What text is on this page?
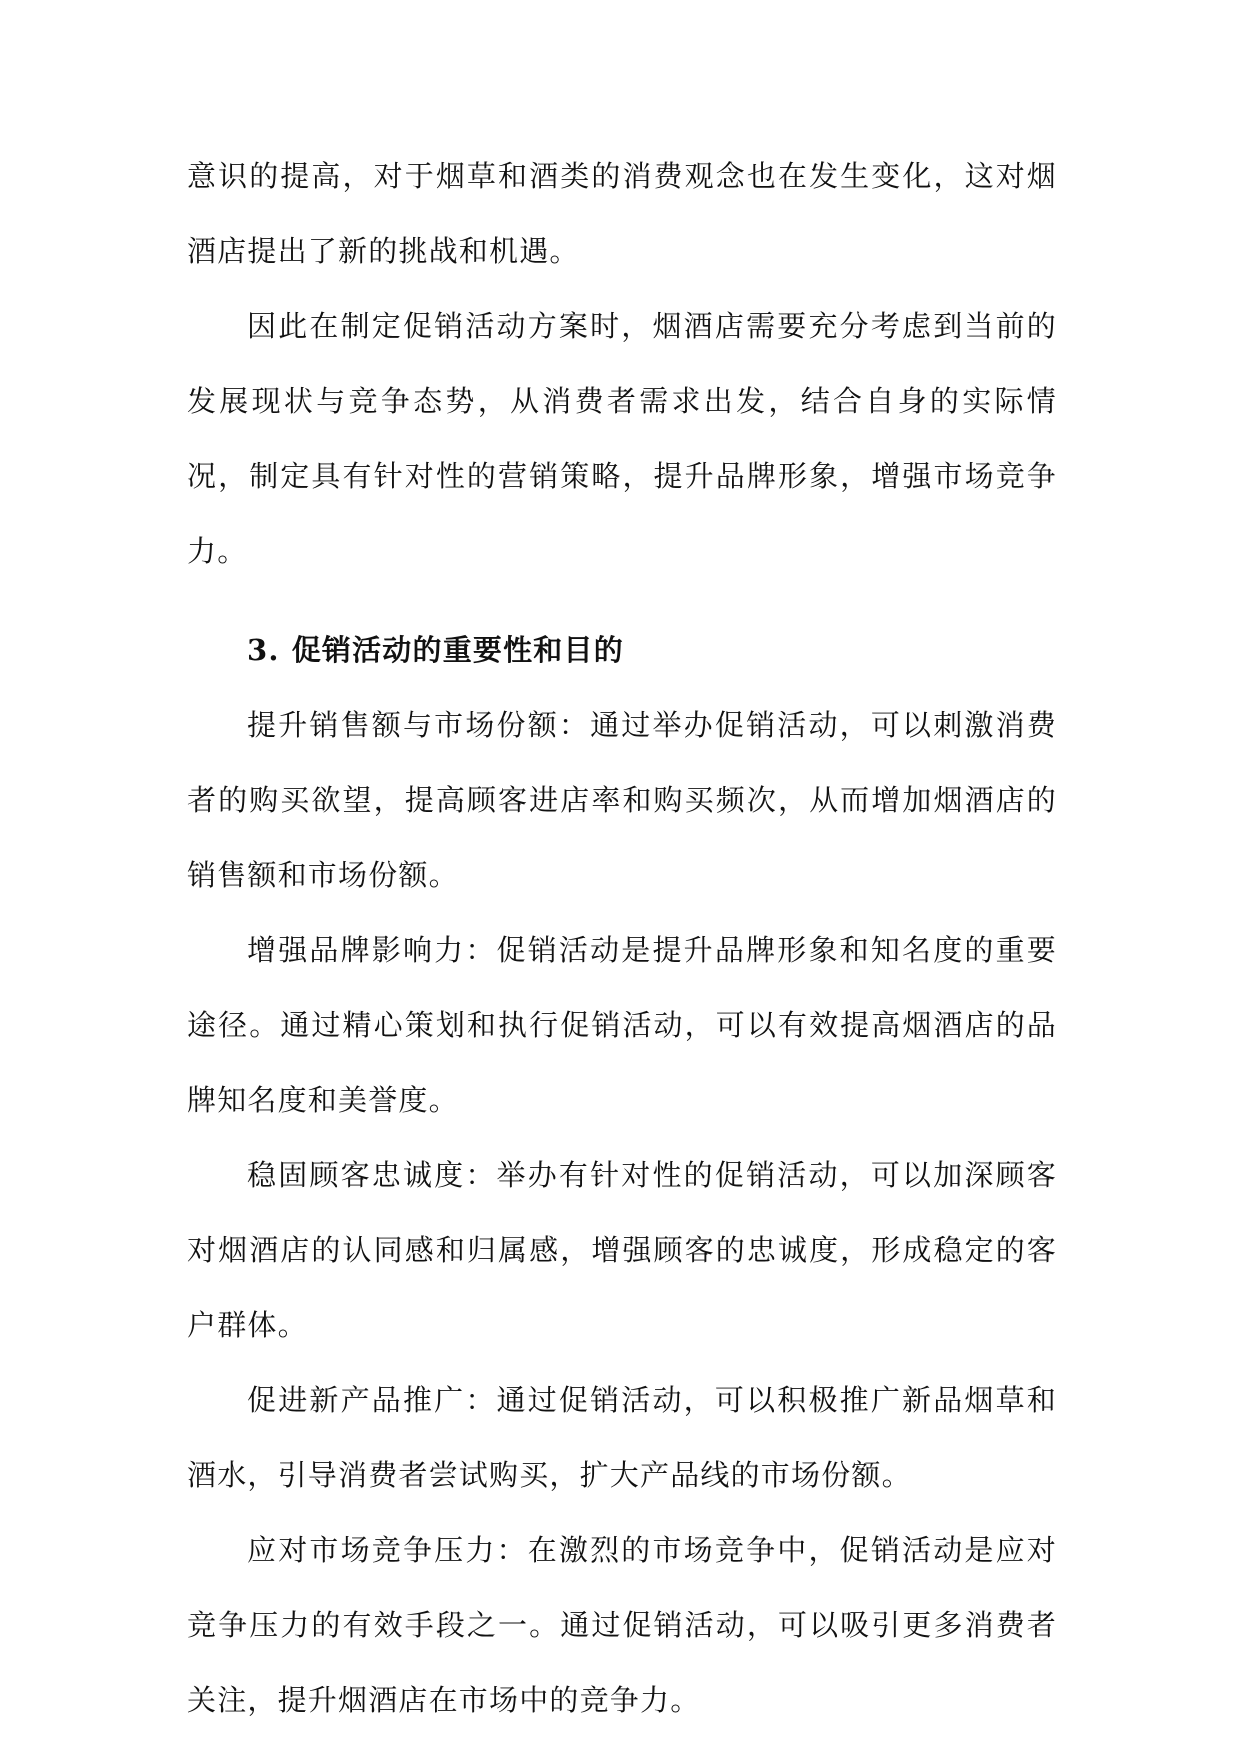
意识的提高，对于烟草和酒类的消费观念也在发生变化，这对烟酒店提出了新的挑战和机遇。

因此在制定促销活动方案时，烟酒店需要充分考虑到当前的发展现状与竞争态势，从消费者需求出发，结合自身的实际情况，制定具有针对性的营销策略，提升品牌形象，增强市场竞争力。

3. 促销活动的重要性和目的

提升销售额与市场份额：通过举办促销活动，可以刺激消费者的购买欲望，提高顾客进店率和购买频次，从而增加烟酒店的销售额和市场份额。

增强品牌影响力：促销活动是提升品牌形象和知名度的重要途径。通过精心策划和执行促销活动，可以有效提高烟酒店的品牌知名度和美誉度。

稳固顾客忠诚度：举办有针对性的促销活动，可以加深顾客对烟酒店的认同感和归属感，增强顾客的忠诚度，形成稳定的客户群体。

促进新产品推广：通过促销活动，可以积极推广新品烟草和酒水，引导消费者尝试购买，扩大产品线的市场份额。

应对市场竞争压力：在激烈的市场竞争中，促销活动是应对竞争压力的有效手段之一。通过促销活动，可以吸引更多消费者关注，提升烟酒店在市场中的竞争力。
